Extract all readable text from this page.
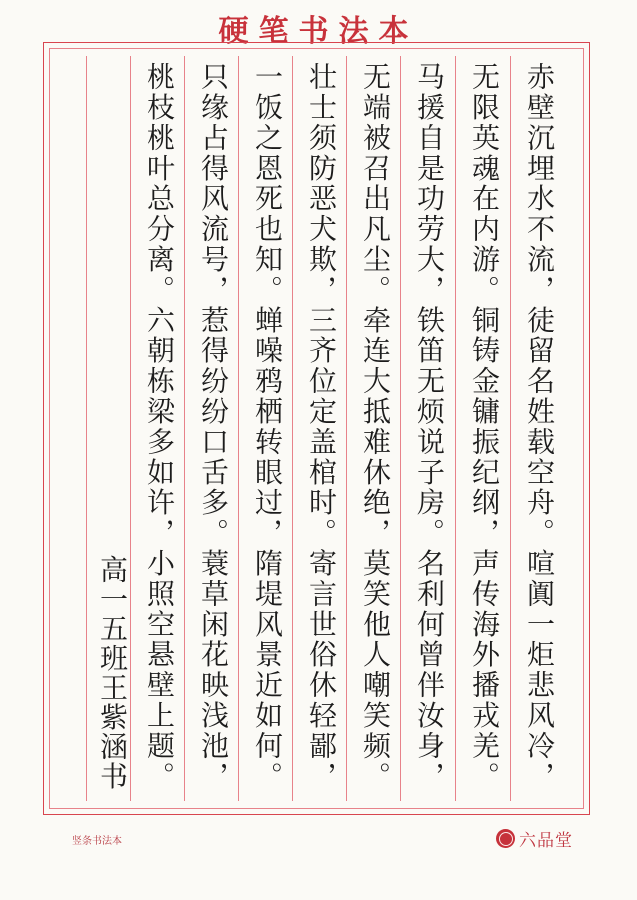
硬笔书法本
赤壁沉埋水不流，徒留名姓载空舟。喧阗一炬悲风冷，
无限英魂在内游。铜铸金镛振纪纲，声传海外播戎羌。
马援自是功劳大，铁笛无烦说子房。名利何曾伴汝身，
无端被召出凡尘。牵连大抵难休绝，莫笑他人嘲笑频。
壮士须防恶犬欺，三齐位定盖棺时。寄言世俗休轻鄙，
一饭之恩死也知。蝉噪鸦栖转眼过，隋堤风景近如何。
只缘占得风流号，惹得纷纷口舌多。蓑草闲花映浅池，
桃枝桃叶总分离。六朝栋梁多如许，小照空悬壁上题。
高一五班王紫涵书
竖条书法本	六品堂
